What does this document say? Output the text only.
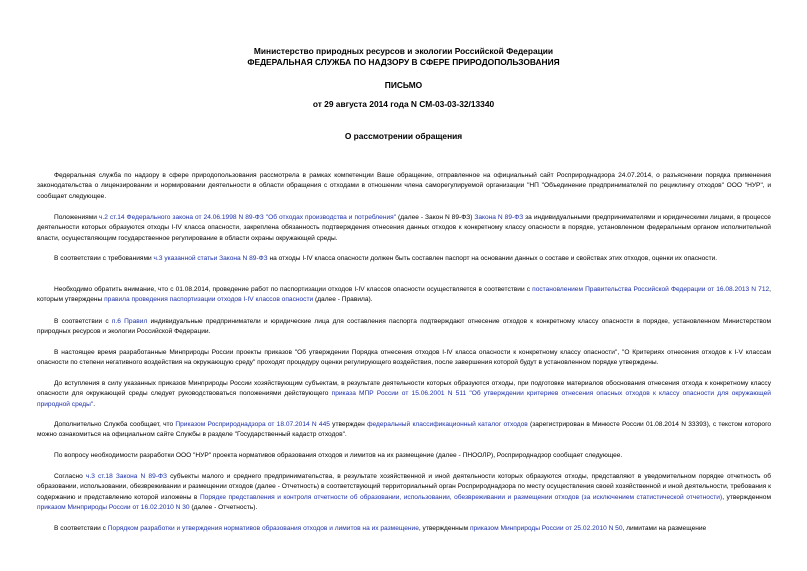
Министерство природных ресурсов и экологии Российской Федерации
ФЕДЕРАЛЬНАЯ СЛУЖБА ПО НАДЗОРУ В СФЕРЕ ПРИРОДОПОЛЬЗОВАНИЯ
ПИСЬМО
от 29 августа 2014 года N СМ-03-03-32/13340
О рассмотрении обращения

Федеральная служба по надзору в сфере природопользования рассмотрела в рамках компетенции Ваше обращение, отправленное на официальный сайт Росприроднадзора 24.07.2014, о разъяснении порядка применения законодательства о лицензировании и нормировании деятельности в области обращения с отходами в отношении члена саморегулируемой организации "НП "Объединение предпринимателей по рециклингу отходов" ООО "НУР", и сообщает следующее.

Положениями ч.2 ст.14 Федерального закона от 24.06.1998 N 89-ФЗ "Об отходах производства и потребления" (далее - Закон N 89-ФЗ) Закона N 89-ФЗ за индивидуальными предпринимателями и юридическими лицами, в процессе деятельности которых образуются отходы I-IV класса опасности, закреплена обязанность подтверждения отнесения данных отходов к конкретному классу опасности в порядке, установленном федеральным органом исполнительной власти, осуществляющим государственное регулирование в области охраны окружающей среды.

В соответствии с требованиями ч.3 указанной статьи Закона N 89-ФЗ на отходы I-IV класса опасности должен быть составлен паспорт на основании данных о составе и свойствах этих отходов, оценки их опасности.

Необходимо обратить внимание, что с 01.08.2014, проведение работ по паспортизации отходов I-IV классов опасности осуществляется в соответствии с постановлением Правительства Российской Федерации от 16.08.2013 N 712, которым утверждены правила проведения паспортизации отходов I-IV классов опасности (далее - Правила).

В соответствии с п.6 Правил индивидуальные предприниматели и юридические лица для составления паспорта подтверждают отнесение отходов к конкретному классу опасности в порядке, установленном Министерством природных ресурсов и экологии Российской Федерации.

В настоящее время разработанные Минприроды России проекты приказов "Об утверждении Порядка отнесения отходов I-IV класса опасности к конкретному классу опасности", "О Критериях отнесения отходов к I-V классам опасности по степени негативного воздействия на окружающую среду" проходят процедуру оценки регулирующего воздействия, после завершения которой будут в установленном порядке утверждены.

До вступления в силу указанных приказов Минприроды России хозяйствующим субъектам, в результате деятельности которых образуются отходы, при подготовке материалов обоснования отнесения отхода к конкретному классу опасности для окружающей среды следует руководствоваться положениями действующего приказа МПР России от 15.06.2001 N 511 "Об утверждении критериев отнесения опасных отходов к классу опасности для окружающей природной среды".

Дополнительно Служба сообщает, что Приказом Росприроднадзора от 18.07.2014 N 445 утвержден федеральный классификационный каталог отходов (зарегистрирован в Минюсте России 01.08.2014 N 33393), с текстом которого можно ознакомиться на официальном сайте Службы в разделе "Государственный кадастр отходов".

По вопросу необходимости разработки ООО "НУР" проекта нормативов образования отходов и лимитов на их размещение (далее - ПНООЛР), Росприроднадзор сообщает следующее.

Согласно ч.3 ст.18 Закона N 89-ФЗ субъекты малого и среднего предпринимательства, в результате хозяйственной и иной деятельности которых образуются отходы, представляют в уведомительном порядке отчетность об образовании, использовании, обезвреживании и размещении отходов (далее - Отчетность) в соответствующий территориальный орган Росприроднадзора по месту осуществления своей хозяйственной и иной деятельности, требования к содержанию и представлению которой изложены в Порядке представления и контроля отчетности об образовании, использовании, обезвреживании и размещении отходов (за исключением статистической отчетности), утвержденном приказом Минприроды России от 16.02.2010 N 30 (далее - Отчетность).

В соответствии с Порядком разработки и утверждения нормативов образования отходов и лимитов на их размещение, утвержденным приказом Минприроды России от 25.02.2010 N 50, лимитами на размещение
